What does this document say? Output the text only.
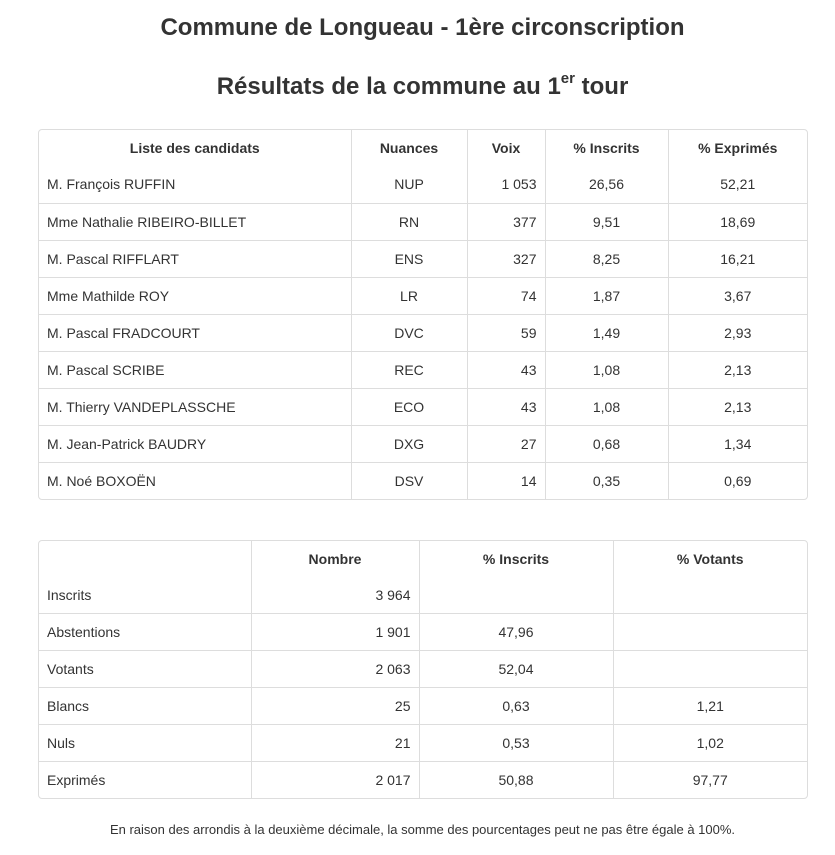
Commune de Longueau - 1ère circonscription
Résultats de la commune au 1er tour
Liste des candidats	Nuances	Voix	% Inscrits	% Exprimés
M. François RUFFIN	NUP	1 053	26,56	52,21
Mme Nathalie RIBEIRO-BILLET	RN	377	9,51	18,69
M. Pascal RIFFLART	ENS	327	8,25	16,21
Mme Mathilde ROY	LR	74	1,87	3,67
M. Pascal FRADCOURT	DVC	59	1,49	2,93
M. Pascal SCRIBE	REC	43	1,08	2,13
M. Thierry VANDEPLASSCHE	ECO	43	1,08	2,13
M. Jean-Patrick BAUDRY	DXG	27	0,68	1,34
M. Noé BOXOËN	DSV	14	0,35	0,69
	Nombre	% Inscrits	% Votants
Inscrits	3 964		
Abstentions	1 901	47,96	
Votants	2 063	52,04	
Blancs	25	0,63	1,21
Nuls	21	0,53	1,02
Exprimés	2 017	50,88	97,77
En raison des arrondis à la deuxième décimale, la somme des pourcentages peut ne pas être égale à 100%.
